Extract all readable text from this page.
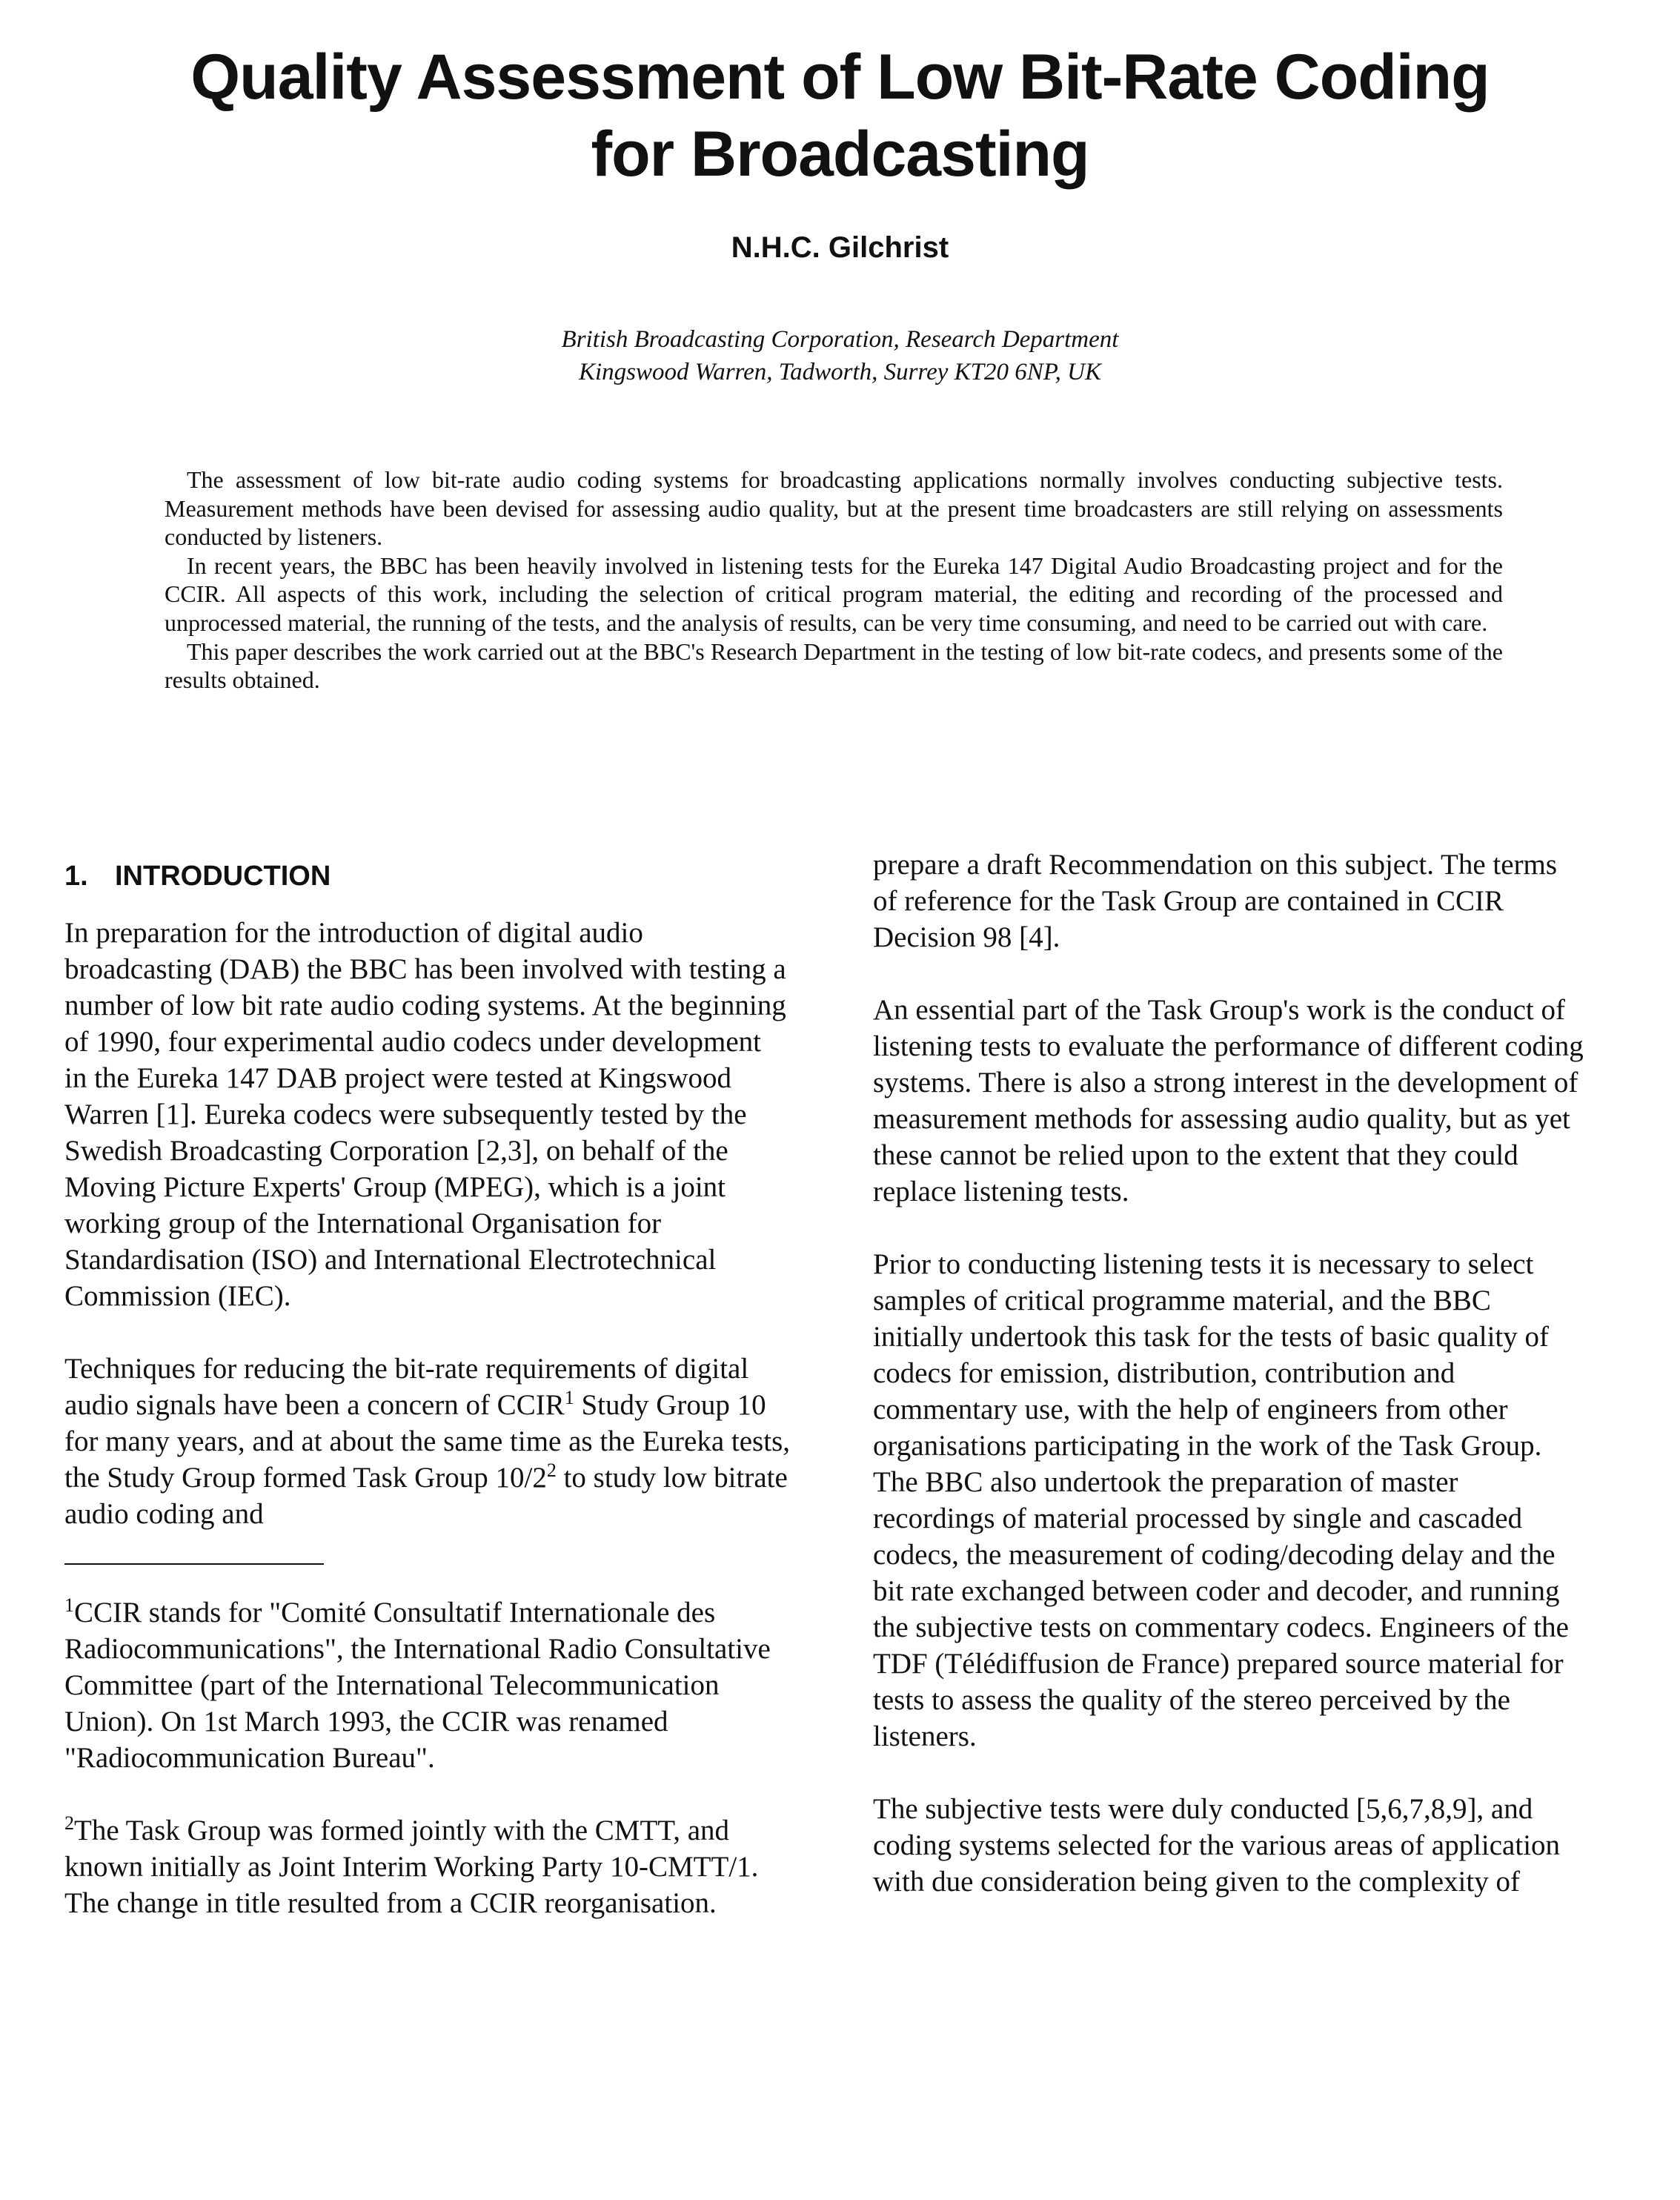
Quality Assessment of Low Bit-Rate Coding
for Broadcasting
N.H.C. Gilchrist
British Broadcasting Corporation, Research Department
Kingswood Warren, Tadworth, Surrey KT20 6NP, UK

The assessment of low bit-rate audio coding systems for broadcasting applications normally involves conducting subjective tests. Measurement methods have been devised for assessing audio quality, but at the present time broadcasters are still relying on assessments conducted by listeners.

In recent years, the BBC has been heavily involved in listening tests for the Eureka 147 Digital Audio Broadcasting project and for the CCIR. All aspects of this work, including the selection of critical program material, the editing and recording of the processed and unprocessed material, the running of the tests, and the analysis of results, can be very time consuming, and need to be carried out with care.

This paper describes the work carried out at the BBC's Research Department in the testing of low bit-rate codecs, and presents some of the results obtained.

1. INTRODUCTION

In preparation for the introduction of digital audio broadcasting (DAB) the BBC has been involved with testing a number of low bit rate audio coding systems. At the beginning of 1990, four experimental audio codecs under development in the Eureka 147 DAB project were tested at Kingswood Warren [1]. Eureka codecs were subsequently tested by the Swedish Broadcasting Corporation [2,3], on behalf of the Moving Picture Experts' Group (MPEG), which is a joint working group of the International Organisation for Standardisation (ISO) and International Electrotechnical Commission (IEC).

Techniques for reducing the bit-rate requirements of digital audio signals have been a concern of CCIR$^1$ Study Group 10 for many years, and at about the same time as the Eureka tests, the Study Group formed Task Group $10/2^2$ to study low bitrate audio coding and

$^1$CCIR stands for "Comité Consultatif Internationale des Radiocommunications", the International Radio Consultative Committee (part of the International Telecommunication Union). On 1st March 1993, the CCIR was renamed "Radiocommunication Bureau".

$^2$The Task Group was formed jointly with the CMTT, and known initially as Joint Interim Working Party 10-CMTT/1. The change in title resulted from a CCIR reorganisation.

prepare a draft Recommendation on this subject. The terms of reference for the Task Group are contained in CCIR Decision 98 [4].

An essential part of the Task Group's work is the conduct of listening tests to evaluate the performance of different coding systems. There is also a strong interest in the development of measurement methods for assessing audio quality, but as yet these cannot be relied upon to the extent that they could replace listening tests.

Prior to conducting listening tests it is necessary to select samples of critical programme material, and the BBC initially undertook this task for the tests of basic quality of codecs for emission, distribution, contribution and commentary use, with the help of engineers from other organisations participating in the work of the Task Group. The BBC also undertook the preparation of master recordings of material processed by single and cascaded codecs, the measurement of coding/decoding delay and the bit rate exchanged between coder and decoder, and running the subjective tests on commentary codecs. Engineers of the TDF (Télédiffusion de France) prepared source material for tests to assess the quality of the stereo perceived by the listeners.

The subjective tests were duly conducted [5,6,7,8,9], and coding systems selected for the various areas of application with due consideration being given to the complexity of
